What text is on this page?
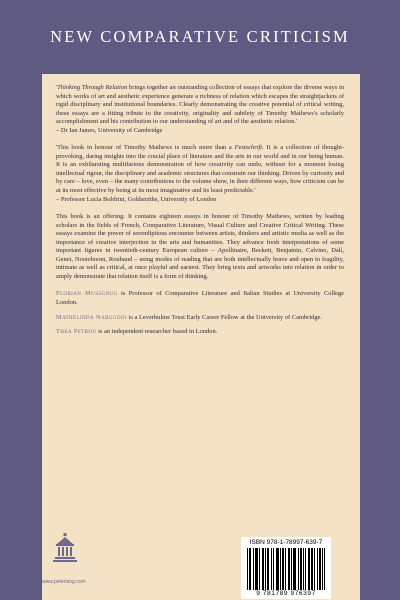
NEW COMPARATIVE CRITICISM

'Thinking Through Relation brings together an outstanding collection of essays that explore the diverse ways in which works of art and aesthetic experience generate a richness of relation which escapes the straightjackets of rigid disciplinary and institutional boundaries. Clearly demonstrating the creative potential of critical writing, these essays are a fitting tribute to the creativity, originality and subtlety of Timothy Mathews's scholarly accomplishment and his contribution to our understanding of art and of the aesthetic relation.'

– Dr Ian James, University of Cambridge

'This book in honour of Timothy Mathews is much more than a Festschrift. It is a collection of thought-provoking, daring insights into the crucial place of literature and the arts in our world and in our being human. It is an exhilarating multifarious demonstration of how creativity can undo, without for a moment losing intellectual rigour, the disciplinary and academic structures that constrain our thinking. Driven by curiosity and by care – love, even – the many contributions to the volume show, in their different ways, how criticism can be at its most effective by being at its most imaginative and its least predictable.'

– Professor Lucia Boldrini, Goldsmiths, University of London

This book is an offering. It contains eighteen essays in honour of Timothy Mathews, written by leading scholars in the fields of French, Comparative Literature, Visual Culture and Creative Critical Writing. These essays examine the power of serendipitous encounter between artists, thinkers and artistic media as well as the importance of creative interjection in the arts and humanities. They advance fresh interpretations of some important figures in twentieth-century European culture – Apollinaire, Beckett, Benjamin, Calvino, Dalí, Genet, Nooteboom, Roubaud – using modes of reading that are both intellectually brave and open to fragility, intimate as well as critical, at once playful and earnest. They bring texts and artworks into relation in order to amply demonstrate that relation itself is a form of thinking.

Florian Mussgnug is Professor of Comparative Literature and Italian Studies at University College London.

Mathelinda Nabugodi is a Leverhulme Trust Early Career Fellow at the University of Cambridge.

Thea Petrou is an independent researcher based in London.

www.peterlang.com
ISBN 978-1-78997-639-7
9 781789 976397
